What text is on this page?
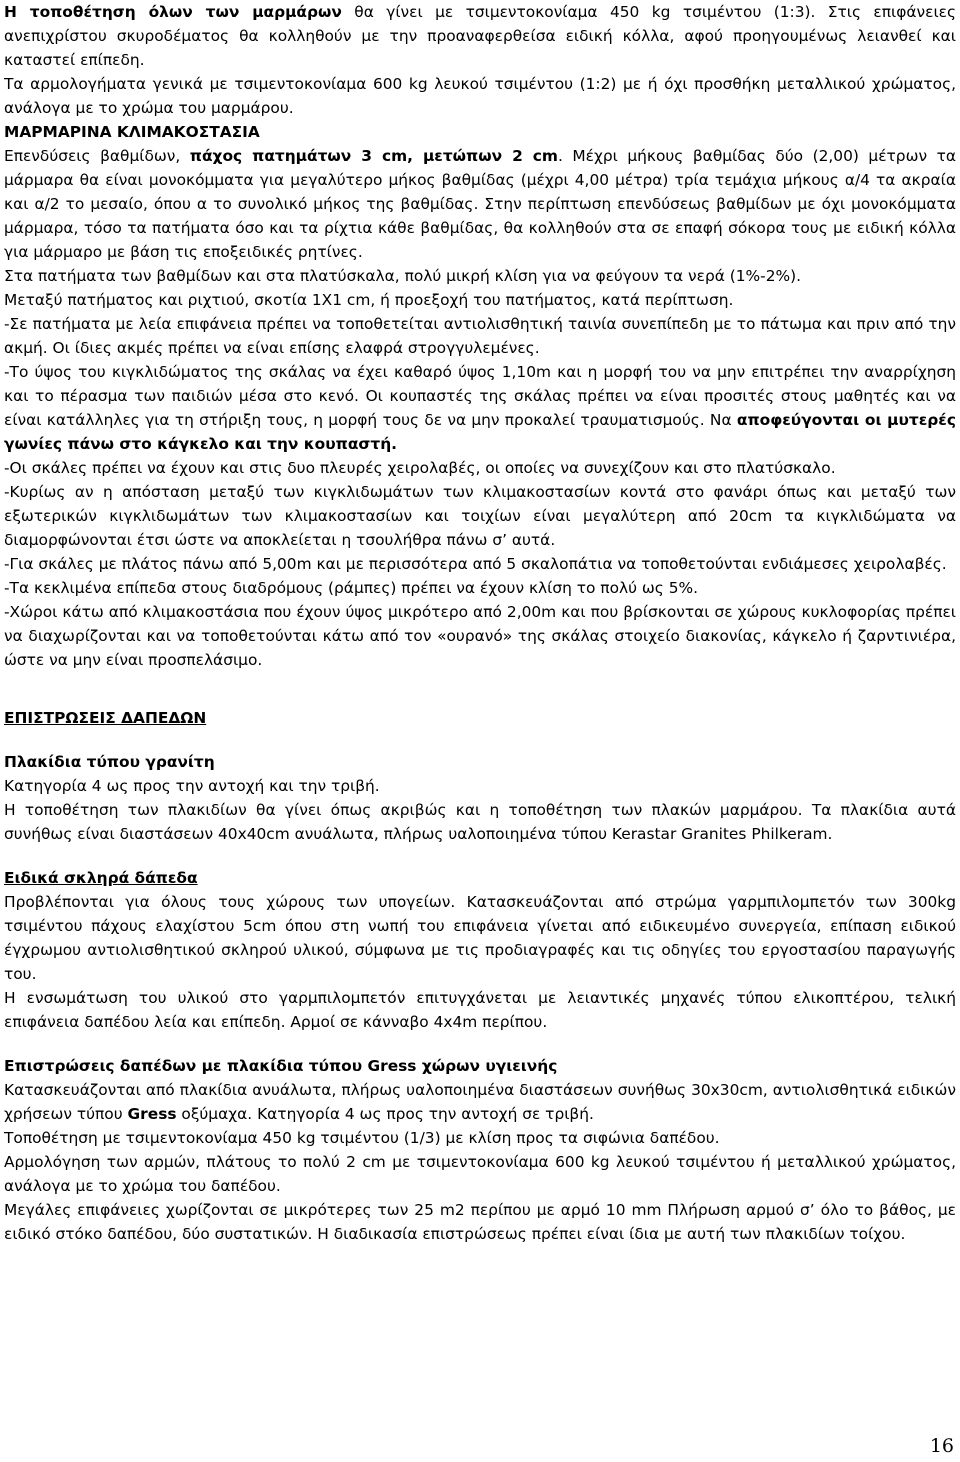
Η τοποθέτηση όλων των μαρμάρων θα γίνει με τσιμεντοκονίαμα 450 kg τσιμέντου (1:3). Στις επιφάνειες ανεπιχρίστου σκυροδέματος θα κολληθούν με την προαναφερθείσα ειδική κόλλα, αφού προηγουμένως λειανθεί και καταστεί επίπεδη.

Τα αρμολογήματα γενικά με τσιμεντοκονίαμα 600 kg λευκού τσιμέντου (1:2) με ή όχι προσθήκη μεταλλικού χρώματος, ανάλογα με το χρώμα του μαρμάρου.

ΜΑΡΜΑΡΙΝΑ ΚΛΙΜΑΚΟΣΤΑΣΙΑ

Επενδύσεις βαθμίδων, πάχος πατημάτων 3 cm, μετώπων 2 cm. Μέχρι μήκους βαθμίδας δύο (2,00) μέτρων τα μάρμαρα θα είναι μονοκόμματα για μεγαλύτερο μήκος βαθμίδας (μέχρι 4,00 μέτρα) τρία τεμάχια μήκους α/4 τα ακραία και α/2 το μεσαίο, όπου α το συνολικό μήκος της βαθμίδας. Στην περίπτωση επενδύσεως βαθμίδων με όχι μονοκόμματα μάρμαρα, τόσο τα πατήματα όσο και τα ρίχτια κάθε βαθμίδας, θα κολληθούν στα σε επαφή σόκορα τους με ειδική κόλλα για μάρμαρο με βάση τις εποξειδικές ρητίνες.

Στα πατήματα των βαθμίδων και στα πλατύσκαλα, πολύ μικρή κλίση για να φεύγουν τα νερά (1%-2%).

Μεταξύ πατήματος και ριχτιού, σκοτία 1Χ1 cm, ή προεξοχή του πατήματος, κατά περίπτωση.

-Σε πατήματα με λεία επιφάνεια πρέπει να τοποθετείται αντιολισθητική ταινία συνεπίπεδη με το πάτωμα και πριν από την ακμή. Οι ίδιες ακμές πρέπει να είναι επίσης ελαφρά στρογγυλεμένες.

-Το ύψος του κιγκλιδώματος της σκάλας να έχει καθαρό ύψος 1,10m και η μορφή του να μην επιτρέπει την αναρρίχηση και το πέρασμα των παιδιών μέσα στο κενό. Οι κουπαστές της σκάλας πρέπει να είναι προσιτές στους μαθητές και να είναι κατάλληλες για τη στήριξη τους, η μορφή τους δε να μην προκαλεί τραυματισμούς. Να αποφεύγονται οι μυτερές γωνίες πάνω στο κάγκελο και την κουπαστή.

-Οι σκάλες πρέπει να έχουν και στις δυο πλευρές χειρολαβές, οι οποίες να συνεχίζουν και στο πλατύσκαλο.

-Κυρίως αν η απόσταση μεταξύ των κιγκλιδωμάτων των κλιμακοστασίων κοντά στο φανάρι όπως και μεταξύ των εξωτερικών κιγκλιδωμάτων των κλιμακοστασίων και τοιχίων είναι μεγαλύτερη από 20cm τα κιγκλιδώματα να διαμορφώνονται έτσι ώστε να αποκλείεται η τσουλήθρα πάνω σ’ αυτά.

-Για σκάλες με πλάτος πάνω από 5,00m και με περισσότερα από 5 σκαλοπάτια να τοποθετούνται ενδιάμεσες χειρολαβές.

-Τα κεκλιμένα επίπεδα στους διαδρόμους (ράμπες) πρέπει να έχουν κλίση το πολύ ως 5%.

-Χώροι κάτω από κλιμακοστάσια που έχουν ύψος μικρότερο από 2,00m και που βρίσκονται σε χώρους κυκλοφορίας πρέπει να διαχωρίζονται και να τοποθετούνται κάτω από τον «ουρανό» της σκάλας στοιχείο διακονίας, κάγκελο ή ζαρντινιέρα, ώστε να μην είναι προσπελάσιμο.

ΕΠΙΣΤΡΩΣΕΙΣ ΔΑΠΕΔΩΝ

Πλακίδια τύπου γρανίτη

Κατηγορία 4 ως προς την αντοχή και την τριβή.

Η τοποθέτηση των πλακιδίων θα γίνει όπως ακριβώς και η τοποθέτηση των πλακών μαρμάρου. Τα πλακίδια αυτά συνήθως είναι διαστάσεων 40x40cm ανυάλωτα, πλήρως υαλοποιημένα τύπου Kerastar Granites Philkeram.

Ειδικά σκληρά δάπεδα

Προβλέπονται για όλους τους χώρους των υπογείων. Κατασκευάζονται από στρώμα γαρμπιλομπετόν των 300kg τσιμέντου πάχους ελαχίστου 5cm όπου στη νωπή του επιφάνεια γίνεται από ειδικευμένο συνεργεία, επίπαση ειδικού έγχρωμου αντιολισθητικού σκληρού υλικού, σύμφωνα με τις προδιαγραφές και τις οδηγίες του εργοστασίου παραγωγής του.

Η ενσωμάτωση του υλικού στο γαρμπιλομπετόν επιτυγχάνεται με λειαντικές μηχανές τύπου ελικοπτέρου, τελική επιφάνεια δαπέδου λεία και επίπεδη. Αρμοί σε κάνναβο 4x4m περίπου.

Επιστρώσεις δαπέδων με πλακίδια τύπου Gress χώρων υγιεινής

Κατασκευάζονται από πλακίδια ανυάλωτα, πλήρως υαλοποιημένα διαστάσεων συνήθως 30x30cm, αντιολισθητικά ειδικών χρήσεων τύπου Gress οξύμαχα. Κατηγορία 4 ως προς την αντοχή σε τριβή.

Τοποθέτηση με τσιμεντοκονίαμα 450 kg τσιμέντου (1/3) με κλίση προς τα σιφώνια δαπέδου.

Αρμολόγηση των αρμών, πλάτους το πολύ 2 cm με τσιμεντοκονίαμα 600 kg λευκού τσιμέντου ή μεταλλικού χρώματος, ανάλογα με το χρώμα του δαπέδου.

Μεγάλες επιφάνειες χωρίζονται σε μικρότερες των 25 m2 περίπου με αρμό 10 mm Πλήρωση αρμού σ’ όλο το βάθος, με ειδικό στόκο δαπέδου, δύο συστατικών. Η διαδικασία επιστρώσεως πρέπει είναι ίδια με αυτή των πλακιδίων τοίχου.

16
